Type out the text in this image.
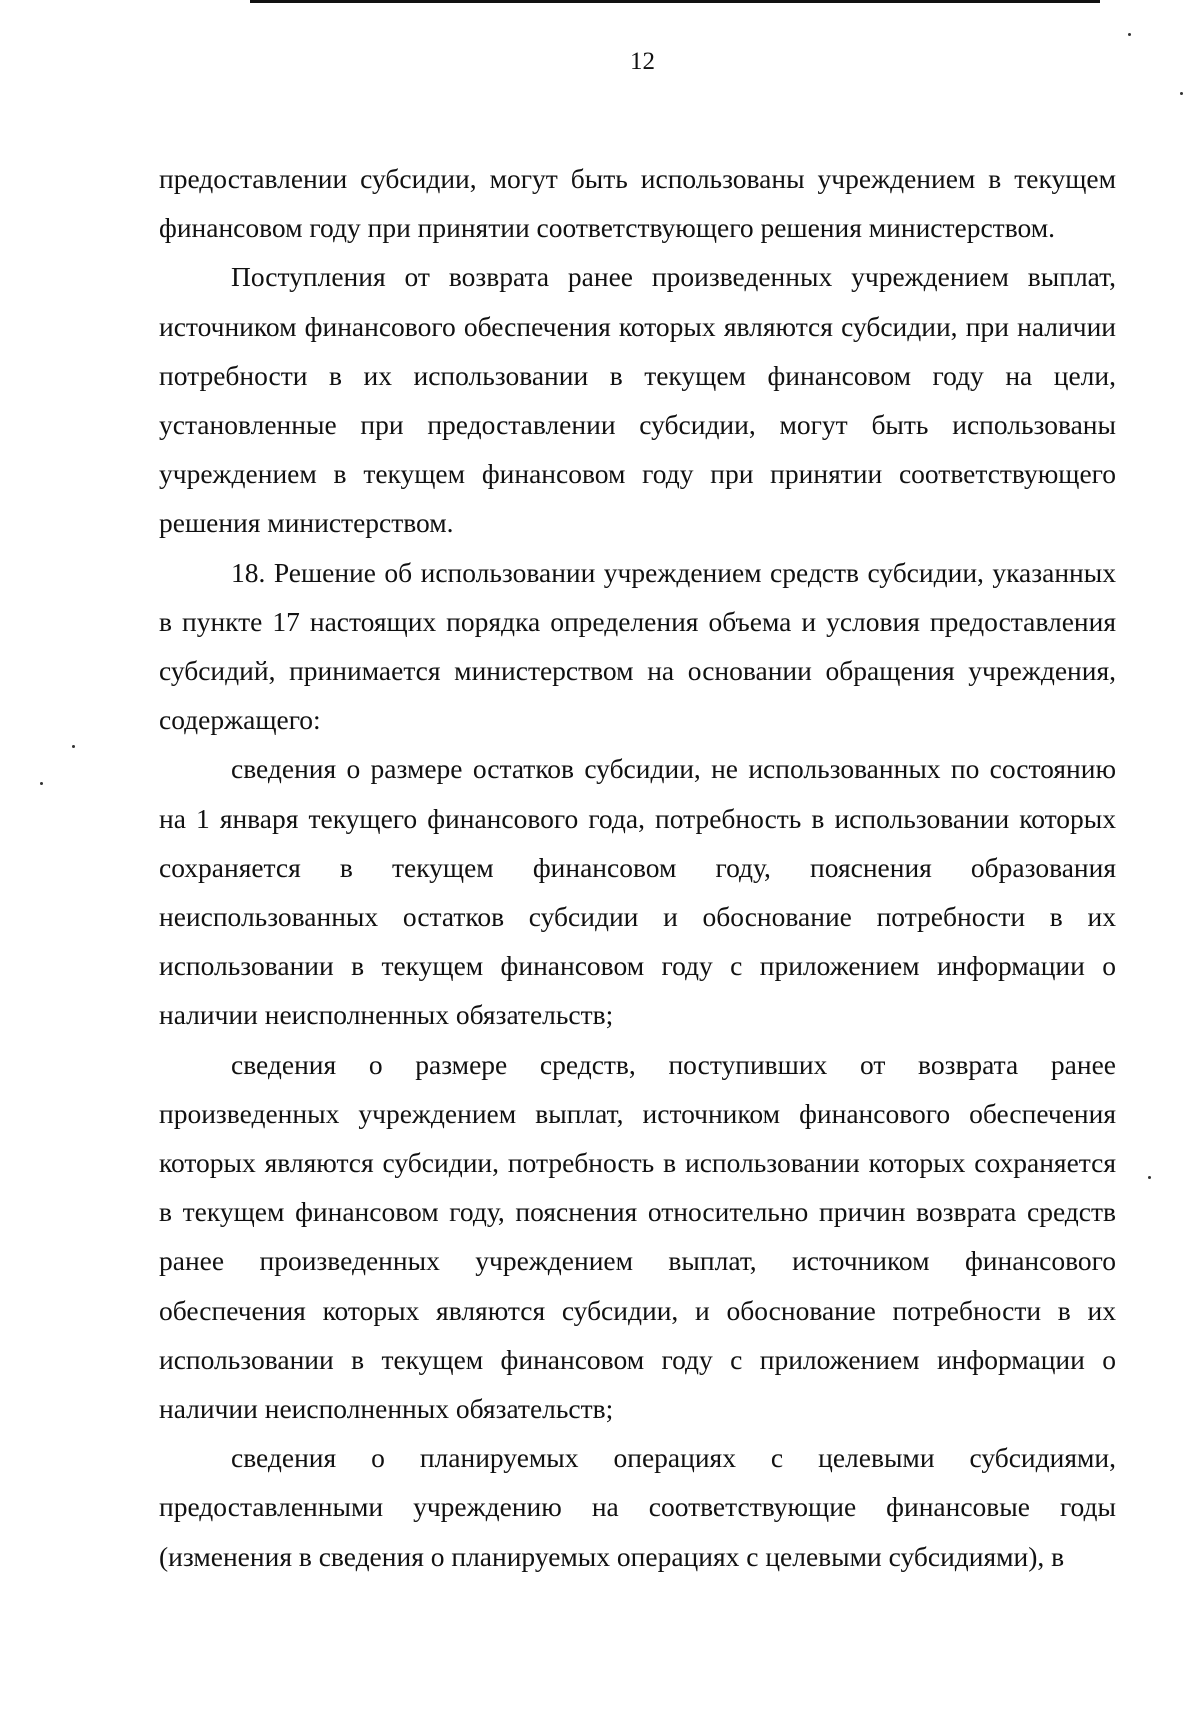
12

предоставлении субсидии, могут быть использованы учреждением в текущем финансовом году при принятии соответствующего решения министерством.

Поступления от возврата ранее произведенных учреждением выплат, источником финансового обеспечения которых являются субсидии, при наличии потребности в их использовании в текущем финансовом году на цели, установленные при предоставлении субсидии, могут быть использованы учреждением в текущем финансовом году при принятии соответствующего решения министерством.

18. Решение об использовании учреждением средств субсидии, указанных в пункте 17 настоящих порядка определения объема и условия предоставления субсидий, принимается министерством на основании обращения учреждения, содержащего:

сведения о размере остатков субсидии, не использованных по состоянию на 1 января текущего финансового года, потребность в использовании которых сохраняется в текущем финансовом году, пояснения образования неиспользованных остатков субсидии и обоснование потребности в их использовании в текущем финансовом году с приложением информации о наличии неисполненных обязательств;

сведения о размере средств, поступивших от возврата ранее произведенных учреждением выплат, источником финансового обеспечения которых являются субсидии, потребность в использовании которых сохраняется в текущем финансовом году, пояснения относительно причин возврата средств ранее произведенных учреждением выплат, источником финансового обеспечения которых являются субсидии, и обоснование потребности в их использовании в текущем финансовом году с приложением информации о наличии неисполненных обязательств;

сведения о планируемых операциях с целевыми субсидиями, предоставленными учреждению на соответствующие финансовые годы (изменения в сведения о планируемых операциях с целевыми субсидиями), в
